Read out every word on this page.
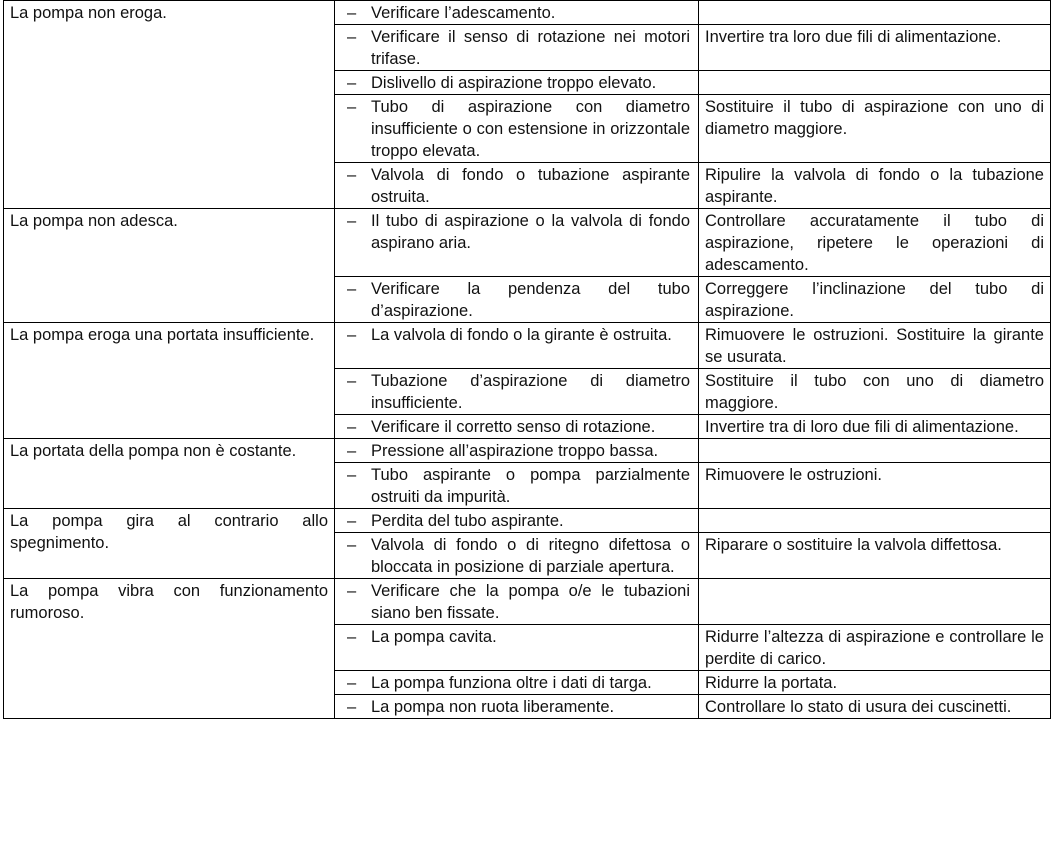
La pompa non eroga.	– Verificare l’adescamento.	

	– Verificare il senso di rotazione nei motori trifase.	Invertire tra loro due fili di alimentazione.

	– Dislivello di aspirazione troppo elevato.	

	– Tubo di aspirazione con diametro insufficiente o con estensione in orizzontale troppo elevata.	Sostituire il tubo di aspirazione con uno di diametro maggiore.

	– Valvola di fondo o tubazione aspirante ostruita.	Ripulire la valvola di fondo o la tubazione aspirante.
La pompa non adesca.	– Il tubo di aspirazione o la valvola di fondo aspirano aria.	Controllare accuratamente il tubo di aspirazione, ripetere le operazioni di adescamento.

	– Verificare la pendenza del tubo d’aspirazione.	Correggere l’inclinazione del tubo di aspirazione.
La pompa eroga una portata insufficiente.	– La valvola di fondo o la girante è ostruita.	Rimuovere le ostruzioni. Sostituire la girante se usurata.

	– Tubazione d’aspirazione di diametro insufficiente.	Sostituire il tubo con uno di diametro maggiore.

	– Verificare il corretto senso di rotazione.	Invertire tra di loro due fili di alimentazione.
La portata della pompa non è costante.	– Pressione all’aspirazione troppo bassa.	

	– Tubo aspirante o pompa parzialmente ostruiti da impurità.	Rimuovere le ostruzioni.
La pompa gira al contrario allo spegnimento.	– Perdita del tubo aspirante.	

	– Valvola di fondo o di ritegno difettosa o bloccata in posizione di parziale apertura.	Riparare o sostituire la valvola diffettosa.
La pompa vibra con funzionamento rumoroso.	– Verificare che la pompa o/e le tubazioni siano ben fissate.	

	– La pompa cavita.	Ridurre l’altezza di aspirazione e controllare le perdite di carico.

	– La pompa funziona oltre i dati di targa.	Ridurre la portata.

	– La pompa non ruota liberamente.	Controllare lo stato di usura dei cuscinetti.
